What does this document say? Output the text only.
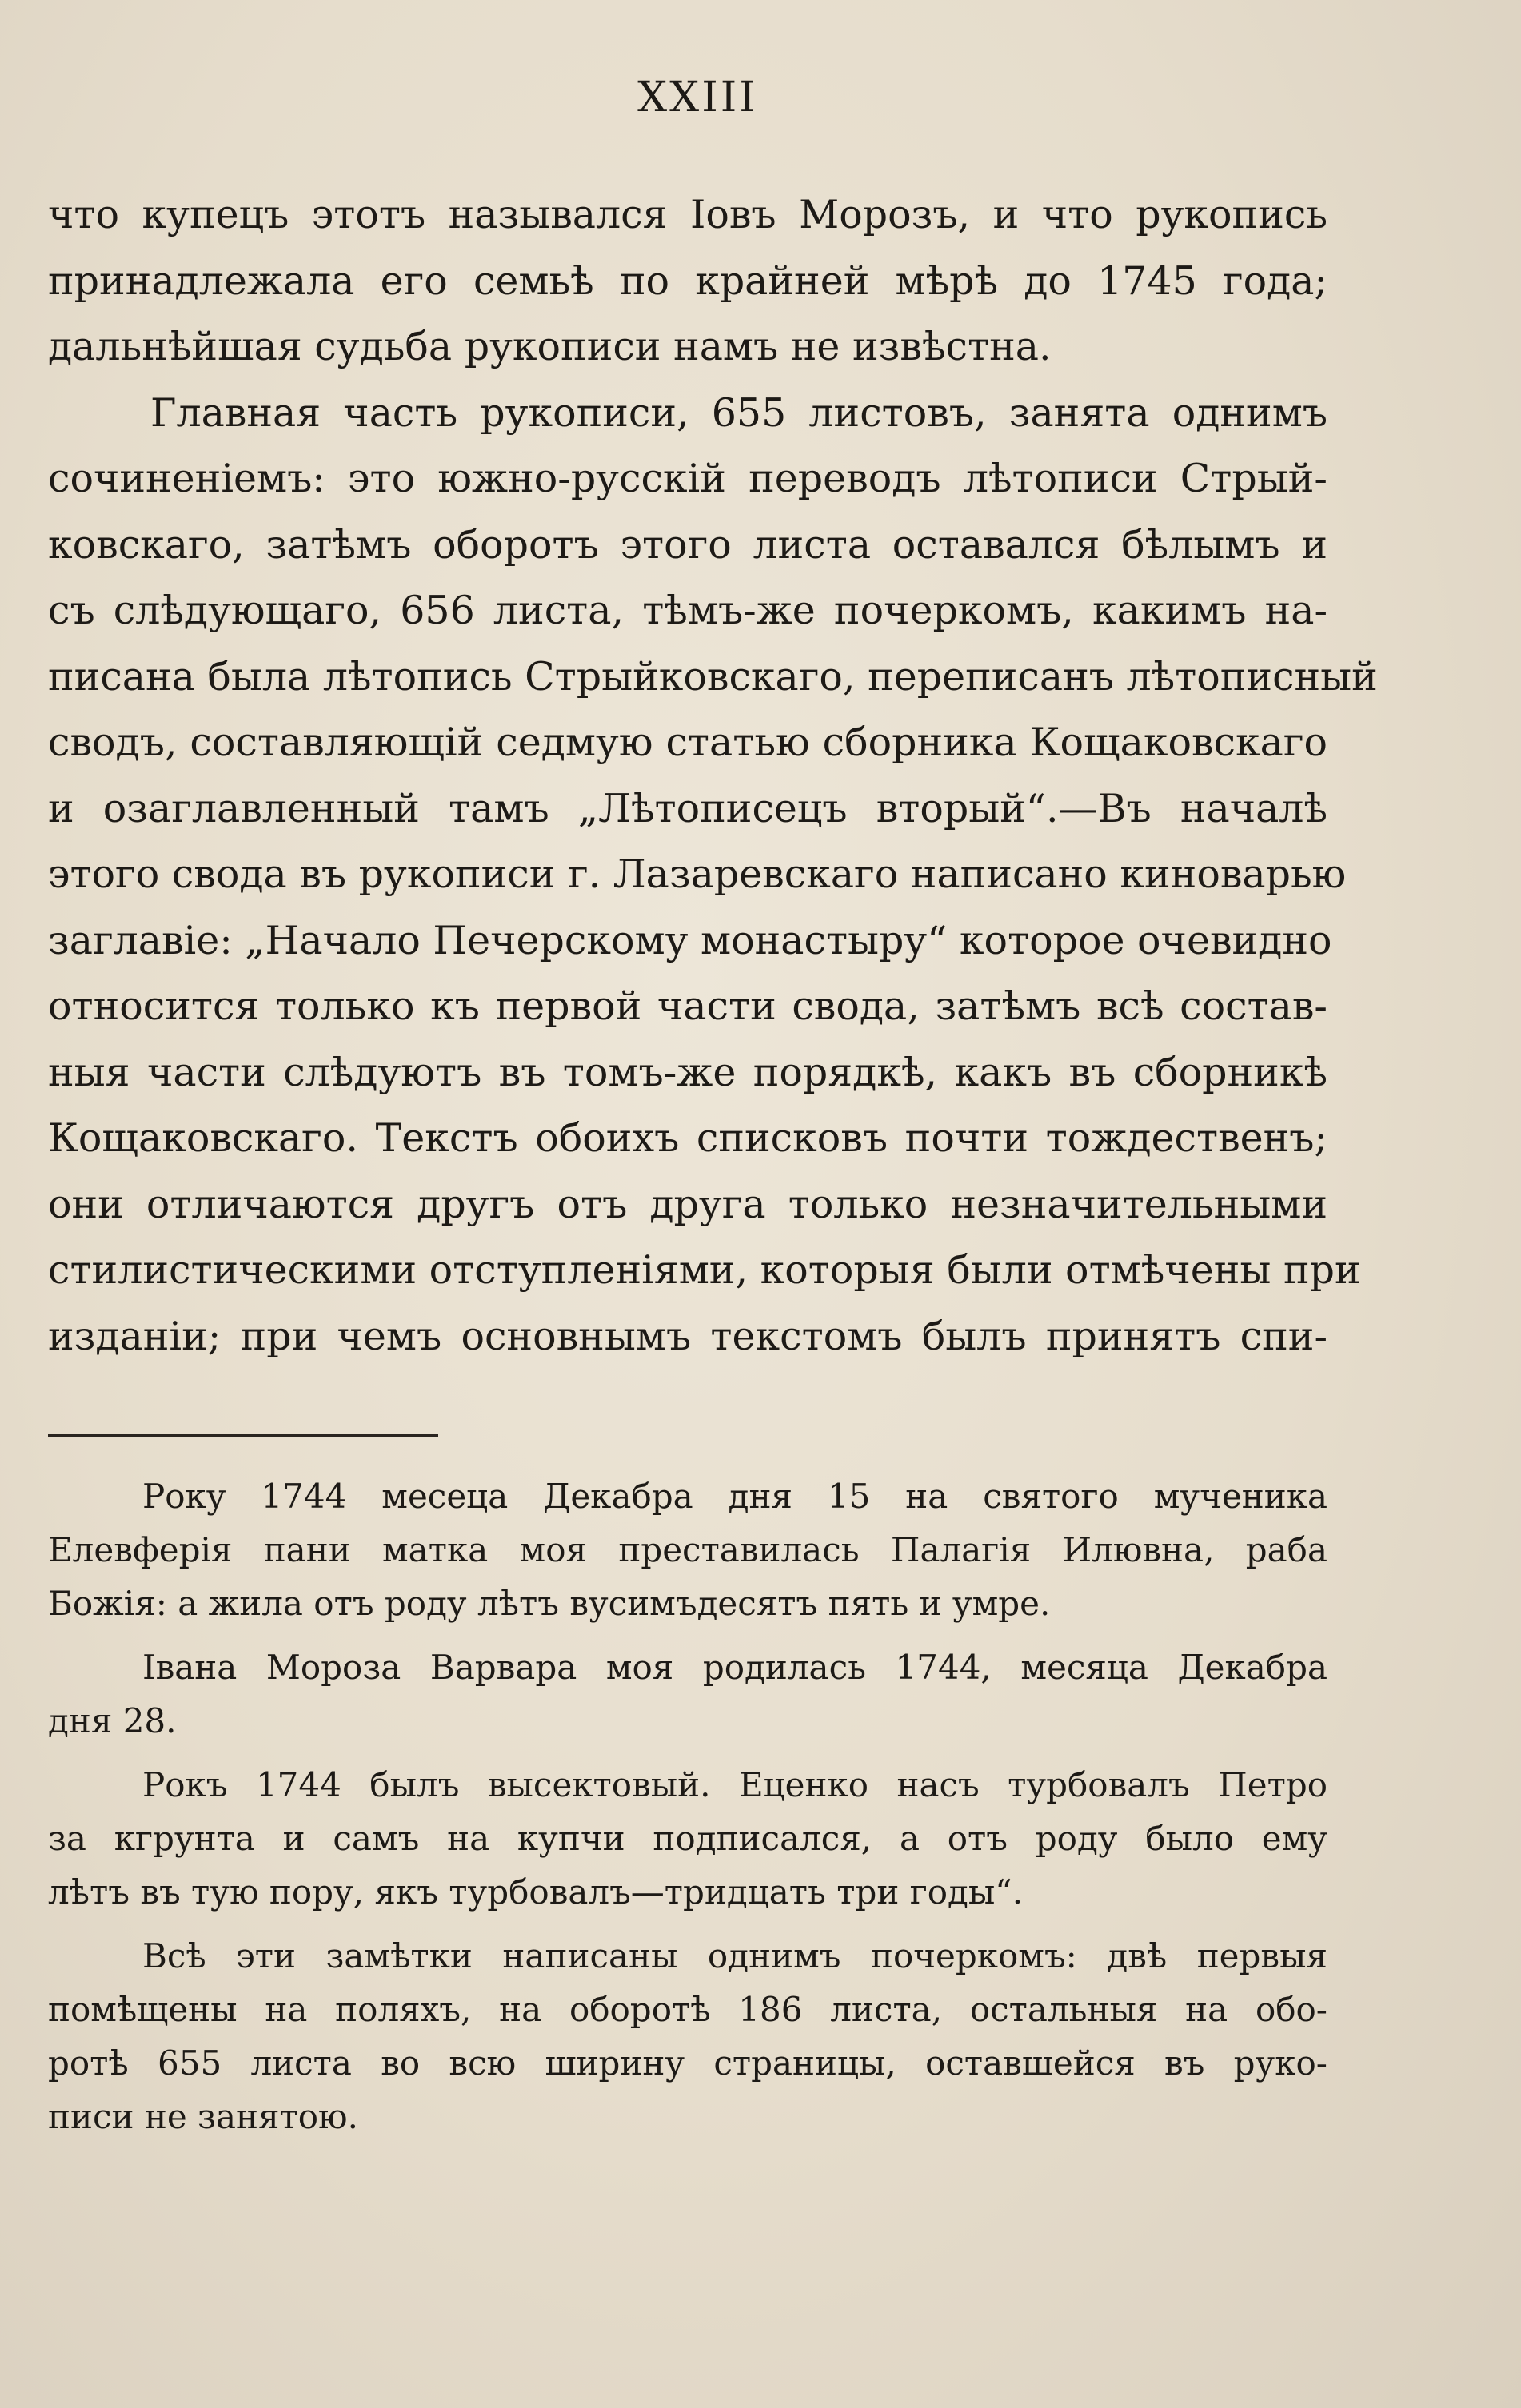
XXIII
что купецъ этотъ назывался Іовъ Морозъ, и что рукопись
принадлежала его семьѣ по крайней мѣрѣ до 1745 года;
дальнѣйшая судьба рукописи намъ не извѣстна.
Главная часть рукописи, 655 листовъ, занята однимъ
сочиненіемъ: это южно-русскій переводъ лѣтописи Стрый-
ковскаго, затѣмъ оборотъ этого листа оставался бѣлымъ и
съ слѣдующаго, 656 листа, тѣмъ-же почеркомъ, какимъ на-
писана была лѣтопись Стрыйковскаго, переписанъ лѣтописный
сводъ, составляющій седмую статью сборника Кощаковскаго
и озаглавленный тамъ „Лѣтописецъ вторый“.—Въ началѣ
этого свода въ рукописи г. Лазаревскаго написано киноварью
заглавіе: „Начало Печерскому монастыру“ которое очевидно
относится только къ первой части свода, затѣмъ всѣ состав-
ныя части слѣдуютъ въ томъ-же порядкѣ, какъ въ сборникѣ
Кощаковскаго. Текстъ обоихъ списковъ почти тождественъ;
они отличаются другъ отъ друга только незначительными
стилистическими отступленіями, которыя были отмѣчены при
изданіи; при чемъ основнымъ текстомъ былъ принятъ спи-
Року 1744 месеца Декабра дня 15 на святого мученика
Елевферія пани матка моя преставилась Палагія Илювна, раба
Божія: а жила отъ роду лѣтъ вусимъдесятъ пять и умре.
Івана Мороза Варвара моя родилась 1744, месяца Декабра
дня 28.
Рокъ 1744 былъ высектовый. Еценко насъ турбовалъ Петро
за кгрунта и самъ на купчи подписался, а отъ роду было ему
лѣтъ въ тую пору, якъ турбовалъ—тридцать три годы“.
Всѣ эти замѣтки написаны однимъ почеркомъ: двѣ первыя
помѣщены на поляхъ, на оборотѣ 186 листа, остальныя на обо-
ротѣ 655 листа во всю ширину страницы, оставшейся въ руко-
писи не занятою.
